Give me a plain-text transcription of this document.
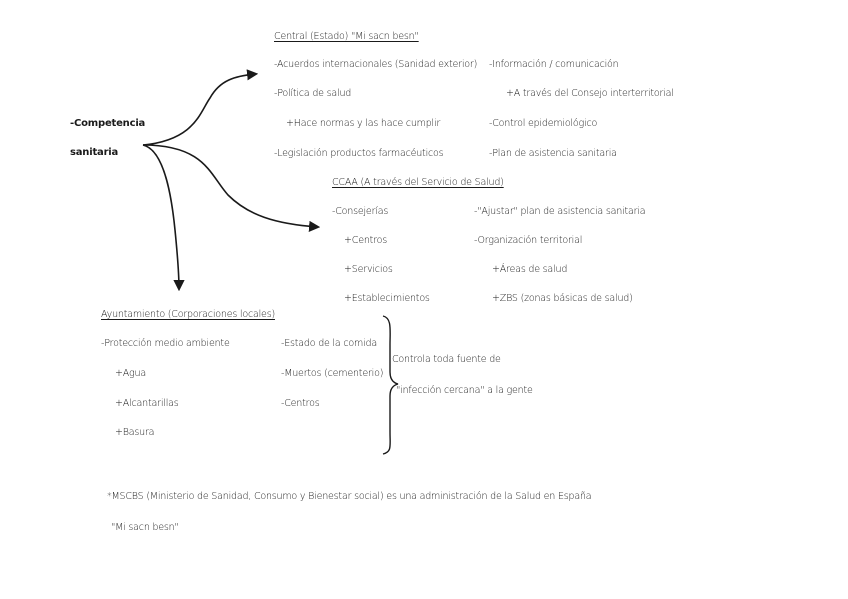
-Competencia
sanitaria
Central (Estado) "Mi sacn besn"
-Acuerdos internacionales (Sanidad exterior)
-Política de salud
+Hace normas y las hace cumplir
-Legislación productos farmacéuticos
-Información / comunicación
+A través del Consejo interterritorial
-Control epidemiológico
-Plan de asistencia sanitaria
CCAA (A través del Servicio de Salud)
-Consejerías
+Centros
+Servicios
+Establecimientos
-"Ajustar" plan de asistencia sanitaria
-Organización territorial
+Áreas de salud
+ZBS (zonas básicas de salud)
Ayuntamiento (Corporaciones locales)
-Protección medio ambiente
+Agua
+Alcantarillas
+Basura
-Estado de la comida
-Muertos (cementerio)
-Centros
Controla toda fuente de
"infección cercana" a la gente
*MSCBS (Ministerio de Sanidad, Consumo y Bienestar social) es una administración de la Salud en España
"Mi sacn besn"
